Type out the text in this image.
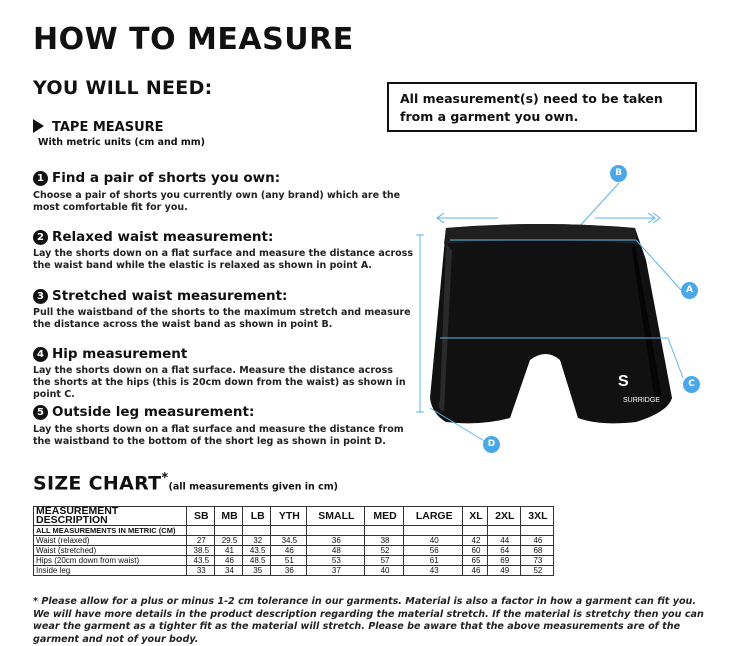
HOW TO MEASURE
YOU WILL NEED:	All measurement(s) need to be taken from a garment you own.
TAPE MEASURE
With metric units (cm and mm)
1 Find a pair of shorts you own:
Choose a pair of shorts you currently own (any brand) which are the most comfortable fit for you.
2 Relaxed waist measurement:
Lay the shorts down on a flat surface and measure the distance across the waist band while the elastic is relaxed as shown in point A.
3 Stretched waist measurement:
Pull the waistband of the shorts to the maximum stretch and measure the distance across the waist band as shown in point B.
4 Hip measurement
Lay the shorts down on a flat surface. Measure the distance across the shorts at the hips (this is 20cm down from the waist) as shown in point C.
5 Outside leg measurement:
Lay the shorts down on a flat surface and measure the distance from the waistband to the bottom of the short leg as shown in point D.
S
SURRIDGE
B
A
C
D
SIZE CHART*(all measurements given in cm)
MEASUREMENT DESCRIPTION	SB	MB	LB	YTH	SMALL	MED	LARGE	XL	2XL	3XL
ALL MEASUREMENTS IN METRIC (CM)										
Waist (relaxed)	27	29.5	32	34.5	36	38	40	42	44	46
Waist (stretched)	38.5	41	43.5	46	48	52	56	60	64	68
Hips (20cm down from waist)	43.5	46	48.5	51	53	57	61	65	69	73
Inside leg	33	34	35	36	37	40	43	46	49	52
* Please allow for a plus or minus 1-2 cm tolerance in our garments. Material is also a factor in how a garment can fit you. We will have more details in the product description regarding the material stretch. If the material is stretchy then you can wear the garment as a tighter fit as the material will stretch. Please be aware that the above measurements are of the garment and not of your body.
